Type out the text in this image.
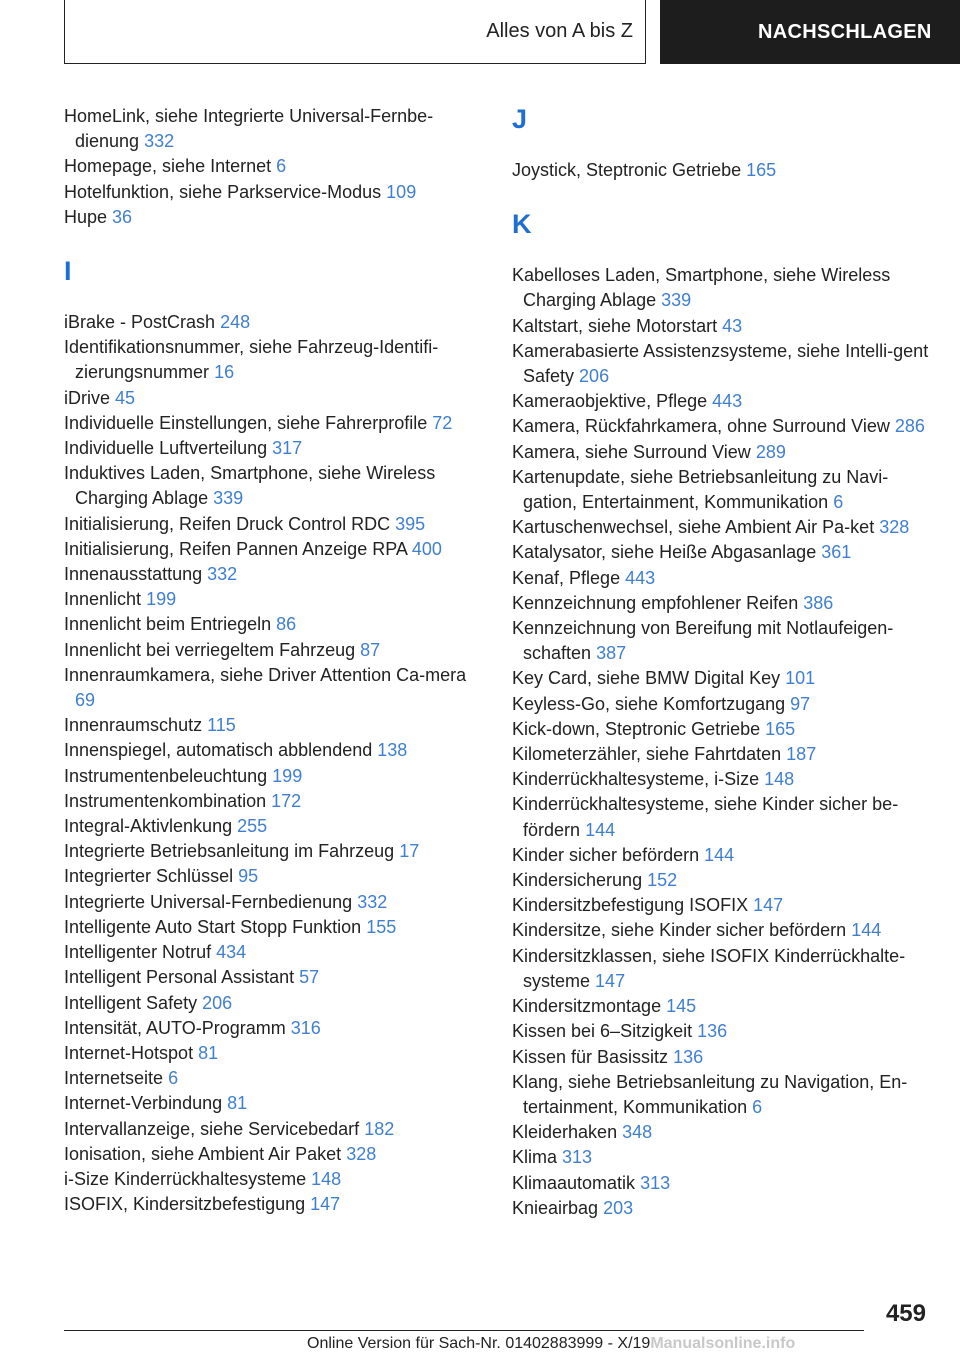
Alles von A bis Z	NACHSCHLAGEN

HomeLink, siehe Integrierte Universal-Fernbe-dienung 332

Homepage, siehe Internet 6

Hotelfunktion, siehe Parkservice-Modus 109

Hupe 36

I

iBrake - PostCrash 248

Identifikationsnummer, siehe Fahrzeug-Identifi-zierungsnummer 16

iDrive 45

Individuelle Einstellungen, siehe Fahrerprofile 72

Individuelle Luftverteilung 317

Induktives Laden, Smartphone, siehe Wireless Charging Ablage 339

Initialisierung, Reifen Druck Control RDC 395

Initialisierung, Reifen Pannen Anzeige RPA 400

Innenausstattung 332

Innenlicht 199

Innenlicht beim Entriegeln 86

Innenlicht bei verriegeltem Fahrzeug 87

Innenraumkamera, siehe Driver Attention Ca-mera 69

Innenraumschutz 115

Innenspiegel, automatisch abblendend 138

Instrumentenbeleuchtung 199

Instrumentenkombination 172

Integral-Aktivlenkung 255

Integrierte Betriebsanleitung im Fahrzeug 17

Integrierter Schlüssel 95

Integrierte Universal-Fernbedienung 332

Intelligente Auto Start Stopp Funktion 155

Intelligenter Notruf 434

Intelligent Personal Assistant 57

Intelligent Safety 206

Intensität, AUTO-Programm 316

Internet-Hotspot 81

Internetseite 6

Internet-Verbindung 81

Intervallanzeige, siehe Servicebedarf 182

Ionisation, siehe Ambient Air Paket 328

i-Size Kinderrückhaltesysteme 148

ISOFIX, Kindersitzbefestigung 147

J

Joystick, Steptronic Getriebe 165

K

Kabelloses Laden, Smartphone, siehe Wireless Charging Ablage 339

Kaltstart, siehe Motorstart 43

Kamerabasierte Assistenzsysteme, siehe Intelli-gent Safety 206

Kameraobjektive, Pflege 443

Kamera, Rückfahrkamera, ohne Surround View 286

Kamera, siehe Surround View 289

Kartenupdate, siehe Betriebsanleitung zu Navi-gation, Entertainment, Kommunikation 6

Kartuschenwechsel, siehe Ambient Air Pa-ket 328

Katalysator, siehe Heiße Abgasanlage 361

Kenaf, Pflege 443

Kennzeichnung empfohlener Reifen 386

Kennzeichnung von Bereifung mit Notlaufeigen-schaften 387

Key Card, siehe BMW Digital Key 101

Keyless-Go, siehe Komfortzugang 97

Kick-down, Steptronic Getriebe 165

Kilometerzähler, siehe Fahrtdaten 187

Kinderrückhaltesysteme, i-Size 148

Kinderrückhaltesysteme, siehe Kinder sicher be-fördern 144

Kinder sicher befördern 144

Kindersicherung 152

Kindersitzbefestigung ISOFIX 147

Kindersitze, siehe Kinder sicher befördern 144

Kindersitzklassen, siehe ISOFIX Kinderrückhalte-systeme 147

Kindersitzmontage 145

Kissen bei 6–Sitzigkeit 136

Kissen für Basissitz 136

Klang, siehe Betriebsanleitung zu Navigation, En-tertainment, Kommunikation 6

Kleiderhaken 348

Klima 313

Klimaautomatik 313

Knieairbag 203

459
Online Version für Sach-Nr. 01402883999 - X/19Manualsonline.info
